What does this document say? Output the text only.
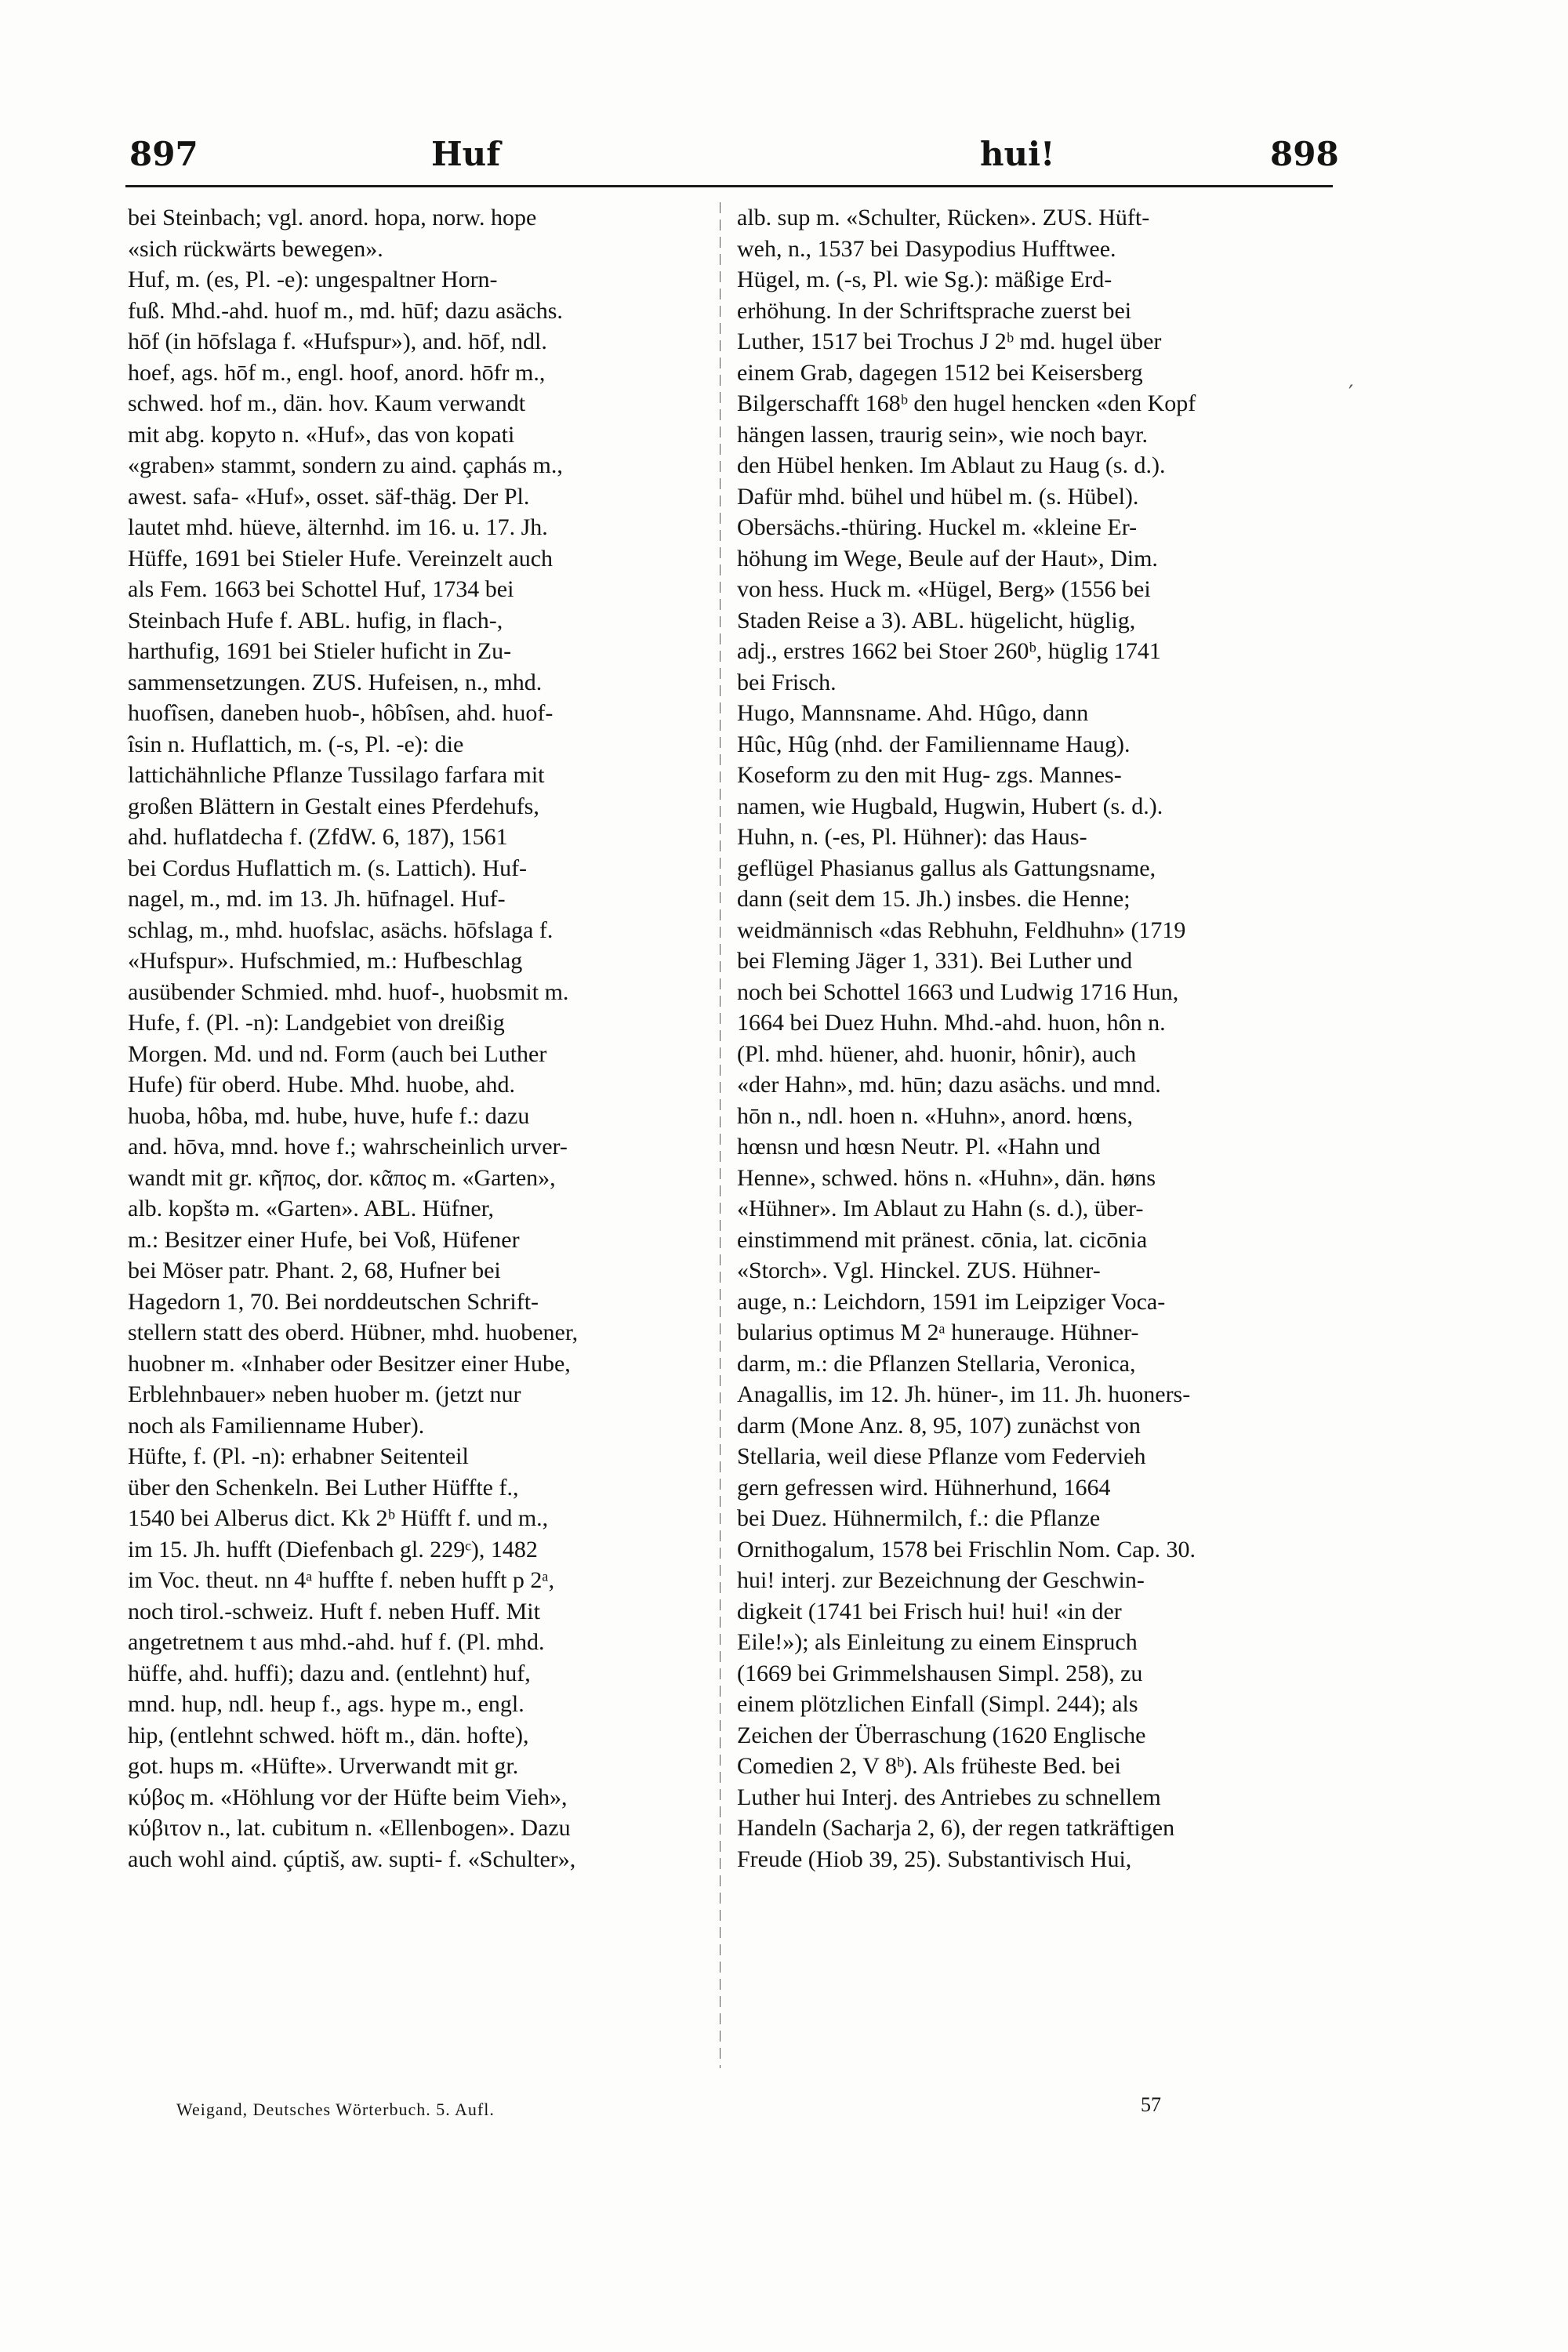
897	Huf	hui!	898
bei Steinbach; vgl. anord. hopa, norw. hope
«sich rückwärts bewegen».
Huf, m. (es, Pl. -e): ungespaltner Horn-
fuß. Mhd.-ahd. huof m., md. hūf; dazu asächs.
hōf (in hōfslaga f. «Hufspur»), and. hōf, ndl.
hoef, ags. hōf m., engl. hoof, anord. hōfr m.,
schwed. hof m., dän. hov. Kaum verwandt
mit abg. kopyto n. «Huf», das von kopati
«graben» stammt, sondern zu aind. çaphás m.,
awest. safa- «Huf», osset. säf-thäg. Der Pl.
lautet mhd. hüeve, älternhd. im 16. u. 17. Jh.
Hüffe, 1691 bei Stieler Hufe. Vereinzelt auch
als Fem. 1663 bei Schottel Huf, 1734 bei
Steinbach Hufe f. ABL. hufig, in flach-,
harthufig, 1691 bei Stieler huficht in Zu-
sammensetzungen. ZUS. Hufeisen, n., mhd.
huofîsen, daneben huob-, hôbîsen, ahd. huof-
îsin n. Huflattich, m. (-s, Pl. -e): die
lattichähnliche Pflanze Tussilago farfara mit
großen Blättern in Gestalt eines Pferdehufs,
ahd. huflatdecha f. (ZfdW. 6, 187), 1561
bei Cordus Huflattich m. (s. Lattich). Huf-
nagel, m., md. im 13. Jh. hūfnagel. Huf-
schlag, m., mhd. huofslac, asächs. hōfslaga f.
«Hufspur». Hufschmied, m.: Hufbeschlag
ausübender Schmied. mhd. huof-, huobsmit m.
Hufe, f. (Pl. -n): Landgebiet von dreißig
Morgen. Md. und nd. Form (auch bei Luther
Hufe) für oberd. Hube. Mhd. huobe, ahd.
huoba, hôba, md. hube, huve, hufe f.: dazu
and. hōva, mnd. hove f.; wahrscheinlich urver-
wandt mit gr. κῆπος, dor. κᾶπος m. «Garten»,
alb. kopštə m. «Garten». ABL. Hüfner,
m.: Besitzer einer Hufe, bei Voß, Hüfener
bei Möser patr. Phant. 2, 68, Hufner bei
Hagedorn 1, 70. Bei norddeutschen Schrift-
stellern statt des oberd. Hübner, mhd. huobener,
huobner m. «Inhaber oder Besitzer einer Hube,
Erblehnbauer» neben huober m. (jetzt nur
noch als Familienname Huber).
Hüfte, f. (Pl. -n): erhabner Seitenteil
über den Schenkeln. Bei Luther Hüffte f.,
1540 bei Alberus dict. Kk 2ᵇ Hüfft f. und m.,
im 15. Jh. hufft (Diefenbach gl. 229ᶜ), 1482
im Voc. theut. nn 4ᵃ huffte f. neben hufft p 2ᵃ,
noch tirol.-schweiz. Huft f. neben Huff. Mit
angetretnem t aus mhd.-ahd. huf f. (Pl. mhd.
hüffe, ahd. huffi); dazu and. (entlehnt) huf,
mnd. hup, ndl. heup f., ags. hype m., engl.
hip, (entlehnt schwed. höft m., dän. hofte),
got. hups m. «Hüfte». Urverwandt mit gr.
κύβος m. «Höhlung vor der Hüfte beim Vieh»,
κύβιτον n., lat. cubitum n. «Ellenbogen». Dazu
auch wohl aind. çúptiš, aw. supti- f. «Schulter»,
alb. sup m. «Schulter, Rücken». ZUS. Hüft-
weh, n., 1537 bei Dasypodius Hufftwee.
Hügel, m. (-s, Pl. wie Sg.): mäßige Erd-
erhöhung. In der Schriftsprache zuerst bei
Luther, 1517 bei Trochus J 2ᵇ md. hugel über
einem Grab, dagegen 1512 bei Keisersberg
Bilgerschafft 168ᵇ den hugel hencken «den Kopf
hängen lassen, traurig sein», wie noch bayr.
den Hübel henken. Im Ablaut zu Haug (s. d.).
Dafür mhd. bühel und hübel m. (s. Hübel).
Obersächs.-thüring. Huckel m. «kleine Er-
höhung im Wege, Beule auf der Haut», Dim.
von hess. Huck m. «Hügel, Berg» (1556 bei
Staden Reise a 3). ABL. hügelicht, hüglig,
adj., erstres 1662 bei Stoer 260ᵇ, hüglig 1741
bei Frisch.
Hugo, Mannsname. Ahd. Hûgo, dann
Hûc, Hûg (nhd. der Familienname Haug).
Koseform zu den mit Hug- zgs. Mannes-
namen, wie Hugbald, Hugwin, Hubert (s. d.).
Huhn, n. (-es, Pl. Hühner): das Haus-
geflügel Phasianus gallus als Gattungsname,
dann (seit dem 15. Jh.) insbes. die Henne;
weidmännisch «das Rebhuhn, Feldhuhn» (1719
bei Fleming Jäger 1, 331). Bei Luther und
noch bei Schottel 1663 und Ludwig 1716 Hun,
1664 bei Duez Huhn. Mhd.-ahd. huon, hôn n.
(Pl. mhd. hüener, ahd. huonir, hônir), auch
«der Hahn», md. hūn; dazu asächs. und mnd.
hōn n., ndl. hoen n. «Huhn», anord. hœns,
hœnsn und hœsn Neutr. Pl. «Hahn und
Henne», schwed. höns n. «Huhn», dän. høns
«Hühner». Im Ablaut zu Hahn (s. d.), über-
einstimmend mit pränest. cōnia, lat. cicōnia
«Storch». Vgl. Hinckel. ZUS. Hühner-
auge, n.: Leichdorn, 1591 im Leipziger Voca-
bularius optimus M 2ᵃ hunerauge. Hühner-
darm, m.: die Pflanzen Stellaria, Veronica,
Anagallis, im 12. Jh. hüner-, im 11. Jh. huoners-
darm (Mone Anz. 8, 95, 107) zunächst von
Stellaria, weil diese Pflanze vom Federvieh
gern gefressen wird. Hühnerhund, 1664
bei Duez. Hühnermilch, f.: die Pflanze
Ornithogalum, 1578 bei Frischlin Nom. Cap. 30.
hui! interj. zur Bezeichnung der Geschwin-
digkeit (1741 bei Frisch hui! hui! «in der
Eile!»); als Einleitung zu einem Einspruch
(1669 bei Grimmelshausen Simpl. 258), zu
einem plötzlichen Einfall (Simpl. 244); als
Zeichen der Überraschung (1620 Englische
Comedien 2, V 8ᵇ). Als früheste Bed. bei
Luther hui Interj. des Antriebes zu schnellem
Handeln (Sacharja 2, 6), der regen tatkräftigen
Freude (Hiob 39, 25). Substantivisch Hui,
′
Weigand, Deutsches Wörterbuch. 5. Aufl.	57
